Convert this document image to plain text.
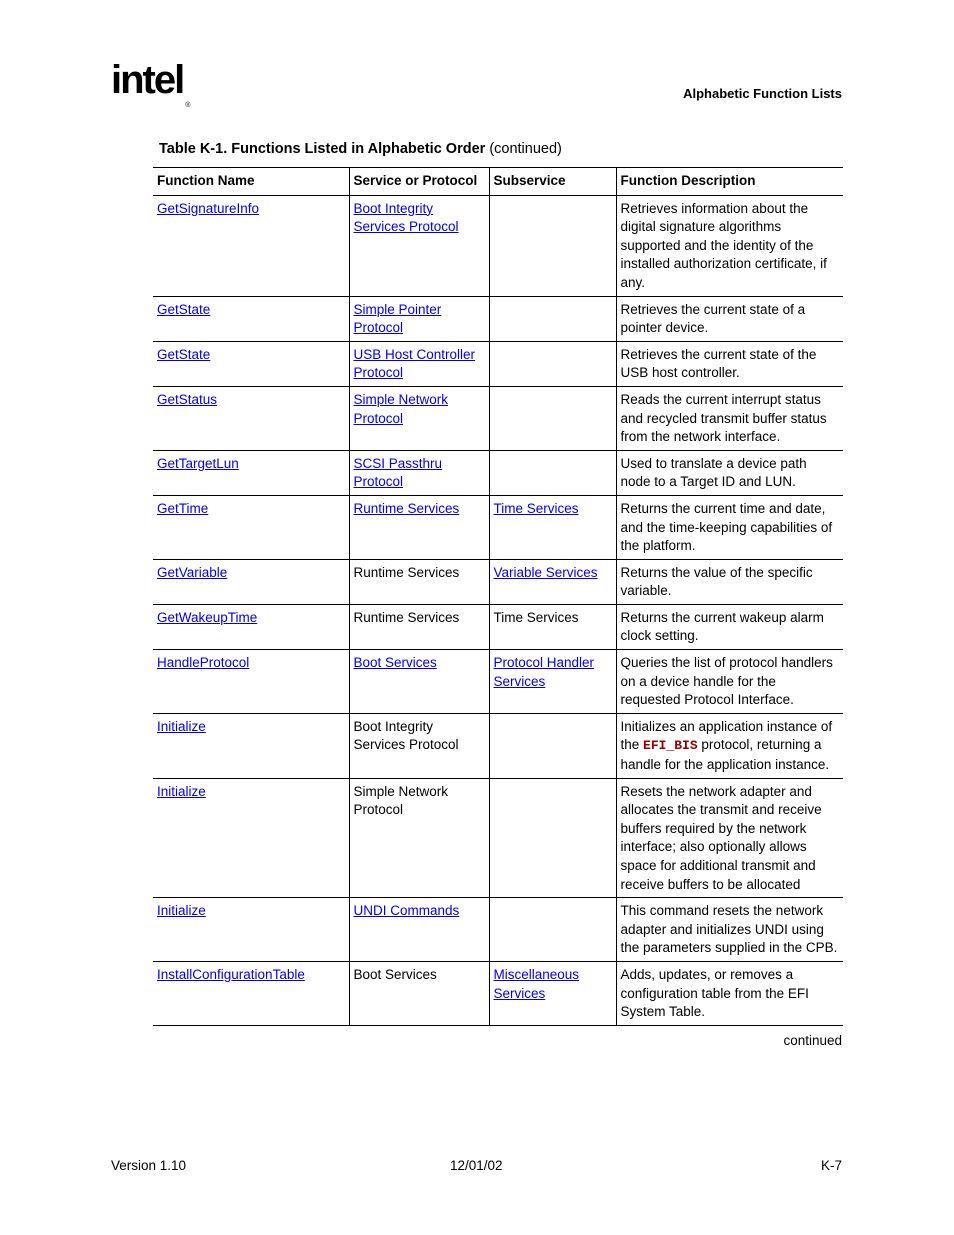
intel®
Alphabetic Function Lists
Table K-1. Functions Listed in Alphabetic Order (continued)
Function Name	Service or Protocol	Subservice	Function Description
GetSignatureInfo	Boot Integrity Services Protocol		Retrieves information about the digital signature algorithms supported and the identity of the installed authorization certificate, if any.
GetState	Simple Pointer Protocol		Retrieves the current state of a pointer device.
GetState	USB Host Controller Protocol		Retrieves the current state of the USB host controller.
GetStatus	Simple Network Protocol		Reads the current interrupt status and recycled transmit buffer status from the network interface.
GetTargetLun	SCSI Passthru Protocol		Used to translate a device path node to a Target ID and LUN.
GetTime	Runtime Services	Time Services	Returns the current time and date, and the time-keeping capabilities of the platform.
GetVariable	Runtime Services	Variable Services	Returns the value of the specific variable.
GetWakeupTime	Runtime Services	Time Services	Returns the current wakeup alarm clock setting.
HandleProtocol	Boot Services	Protocol Handler Services	Queries the list of protocol handlers on a device handle for the requested Protocol Interface.
Initialize	Boot Integrity Services Protocol		Initializes an application instance of the EFI_BIS protocol, returning a handle for the application instance.
Initialize	Simple Network Protocol		Resets the network adapter and allocates the transmit and receive buffers required by the network interface; also optionally allows space for additional transmit and receive buffers to be allocated
Initialize	UNDI Commands		This command resets the network adapter and initializes UNDI using the parameters supplied in the CPB.
InstallConfigurationTable	Boot Services	Miscellaneous Services	Adds, updates, or removes a configuration table from the EFI System Table.
continued
Version 1.10	12/01/02	K-7
